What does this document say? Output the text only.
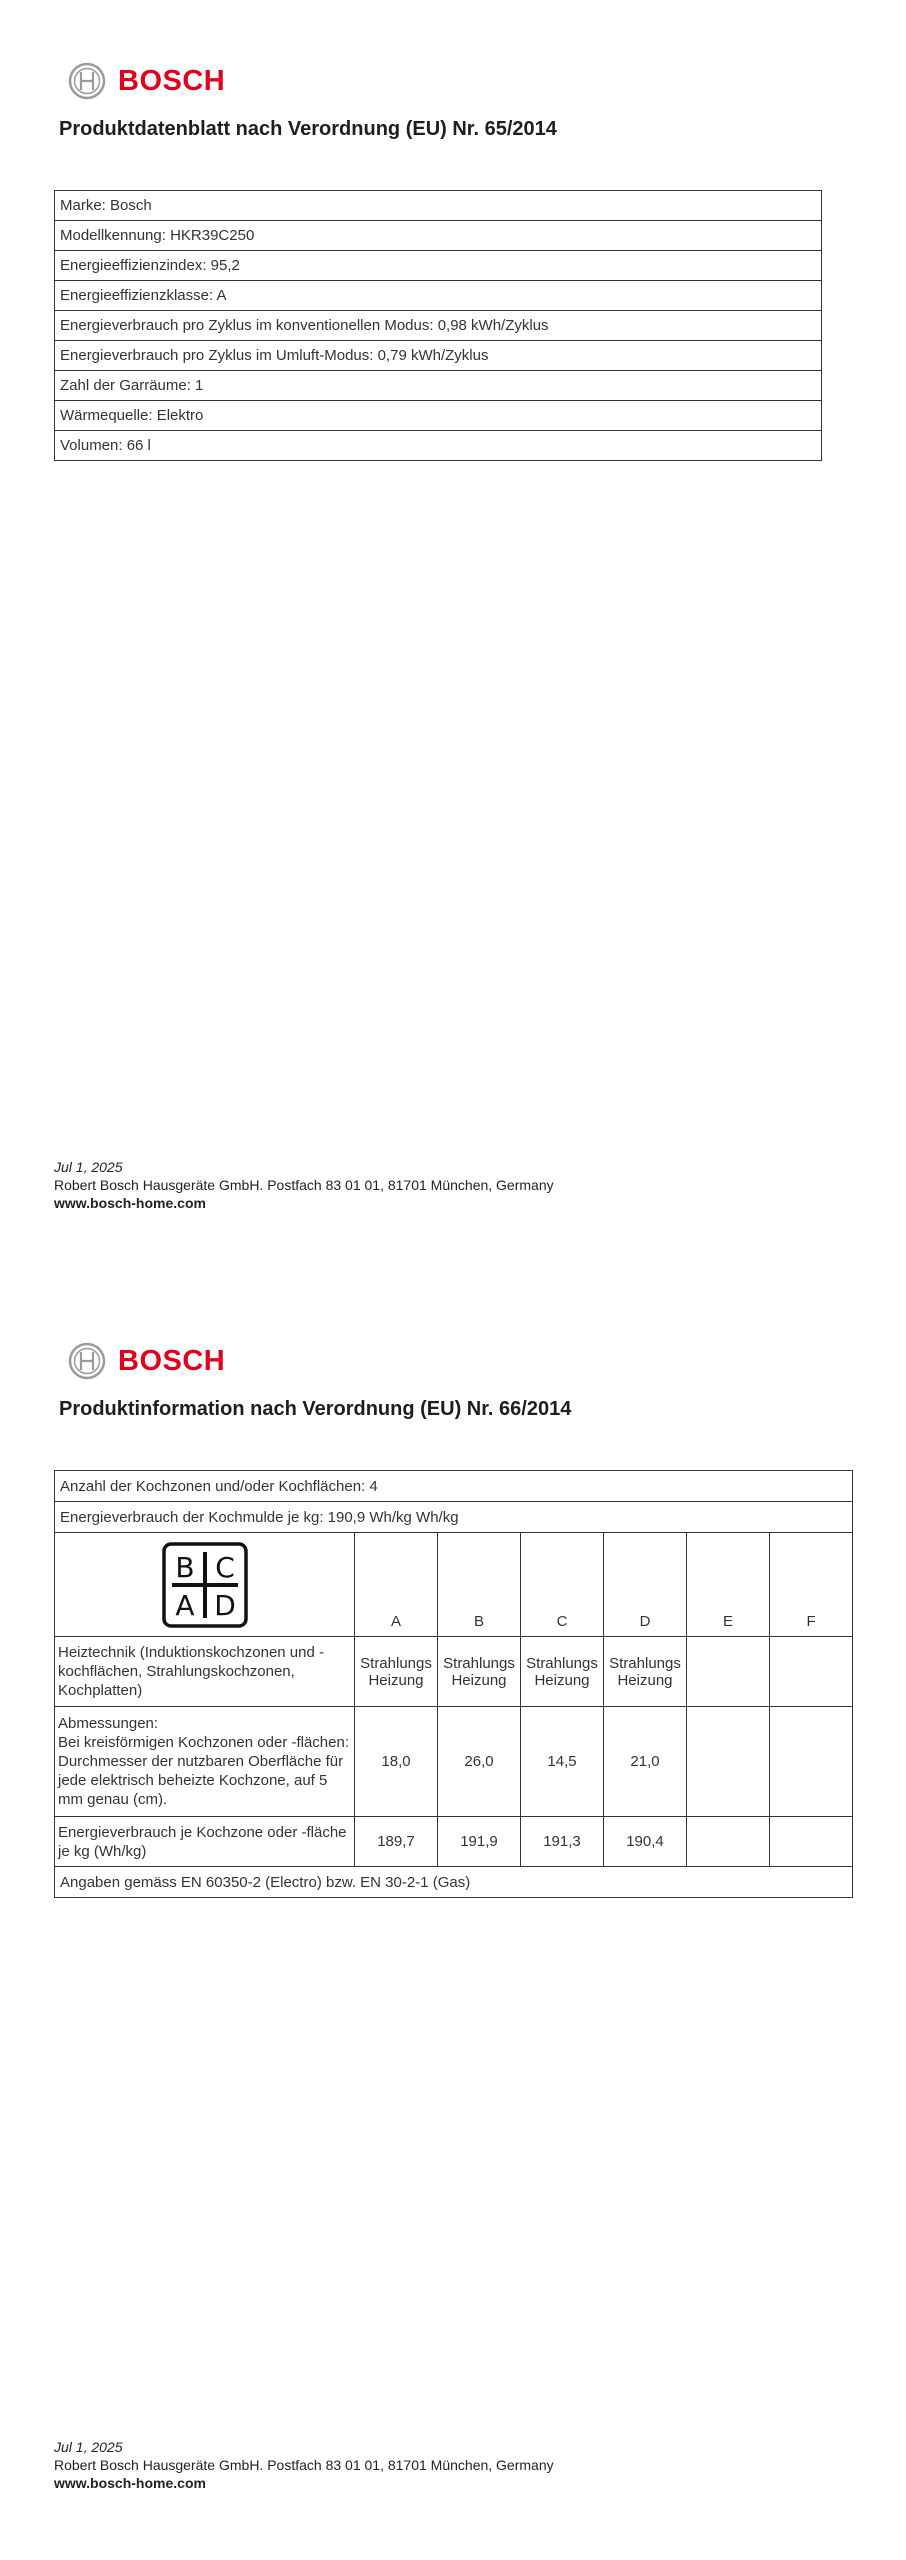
BOSCH
Produktdatenblatt nach Verordnung (EU) Nr. 65/2014
Marke: Bosch
Modellkennung: HKR39C250
Energieeffizienzindex: 95,2
Energieeffizienzklasse: A
Energieverbrauch pro Zyklus im konventionellen Modus: 0,98 kWh/Zyklus
Energieverbrauch pro Zyklus im Umluft-Modus: 0,79 kWh/Zyklus
Zahl der Garräume: 1
Wärmequelle: Elektro
Volumen: 66 l
Jul 1, 2025
Robert Bosch Hausgeräte GmbH. Postfach 83 01 01, 81701 München, Germany
www.bosch-home.com
BOSCH
Produktinformation nach Verordnung (EU) Nr. 66/2014
Anzahl der Kochzonen und/oder Kochflächen: 4						
Energieverbrauch der Kochmulde je kg: 190,9 Wh/kg Wh/kg						

B C
A D	A	B	C	D	E	F
Heiztechnik (Induktionskochzonen und -kochflächen, Strahlungskochzonen, Kochplatten)	Strahlungs Heizung	Strahlungs Heizung	Strahlungs Heizung	Strahlungs Heizung		

Abmessungen:
Bei kreisförmigen Kochzonen oder -flächen: Durchmesser der nutzbaren Oberfläche für jede elektrisch beheizte Kochzone, auf 5 mm genau (cm).	18,0	26,0	14,5	21,0		
Energieverbrauch je Kochzone oder -fläche je kg (Wh/kg)	189,7	191,9	191,3	190,4		
Angaben gemäss EN 60350-2 (Electro) bzw. EN 30-2-1 (Gas)						
Jul 1, 2025
Robert Bosch Hausgeräte GmbH. Postfach 83 01 01, 81701 München, Germany
www.bosch-home.com
